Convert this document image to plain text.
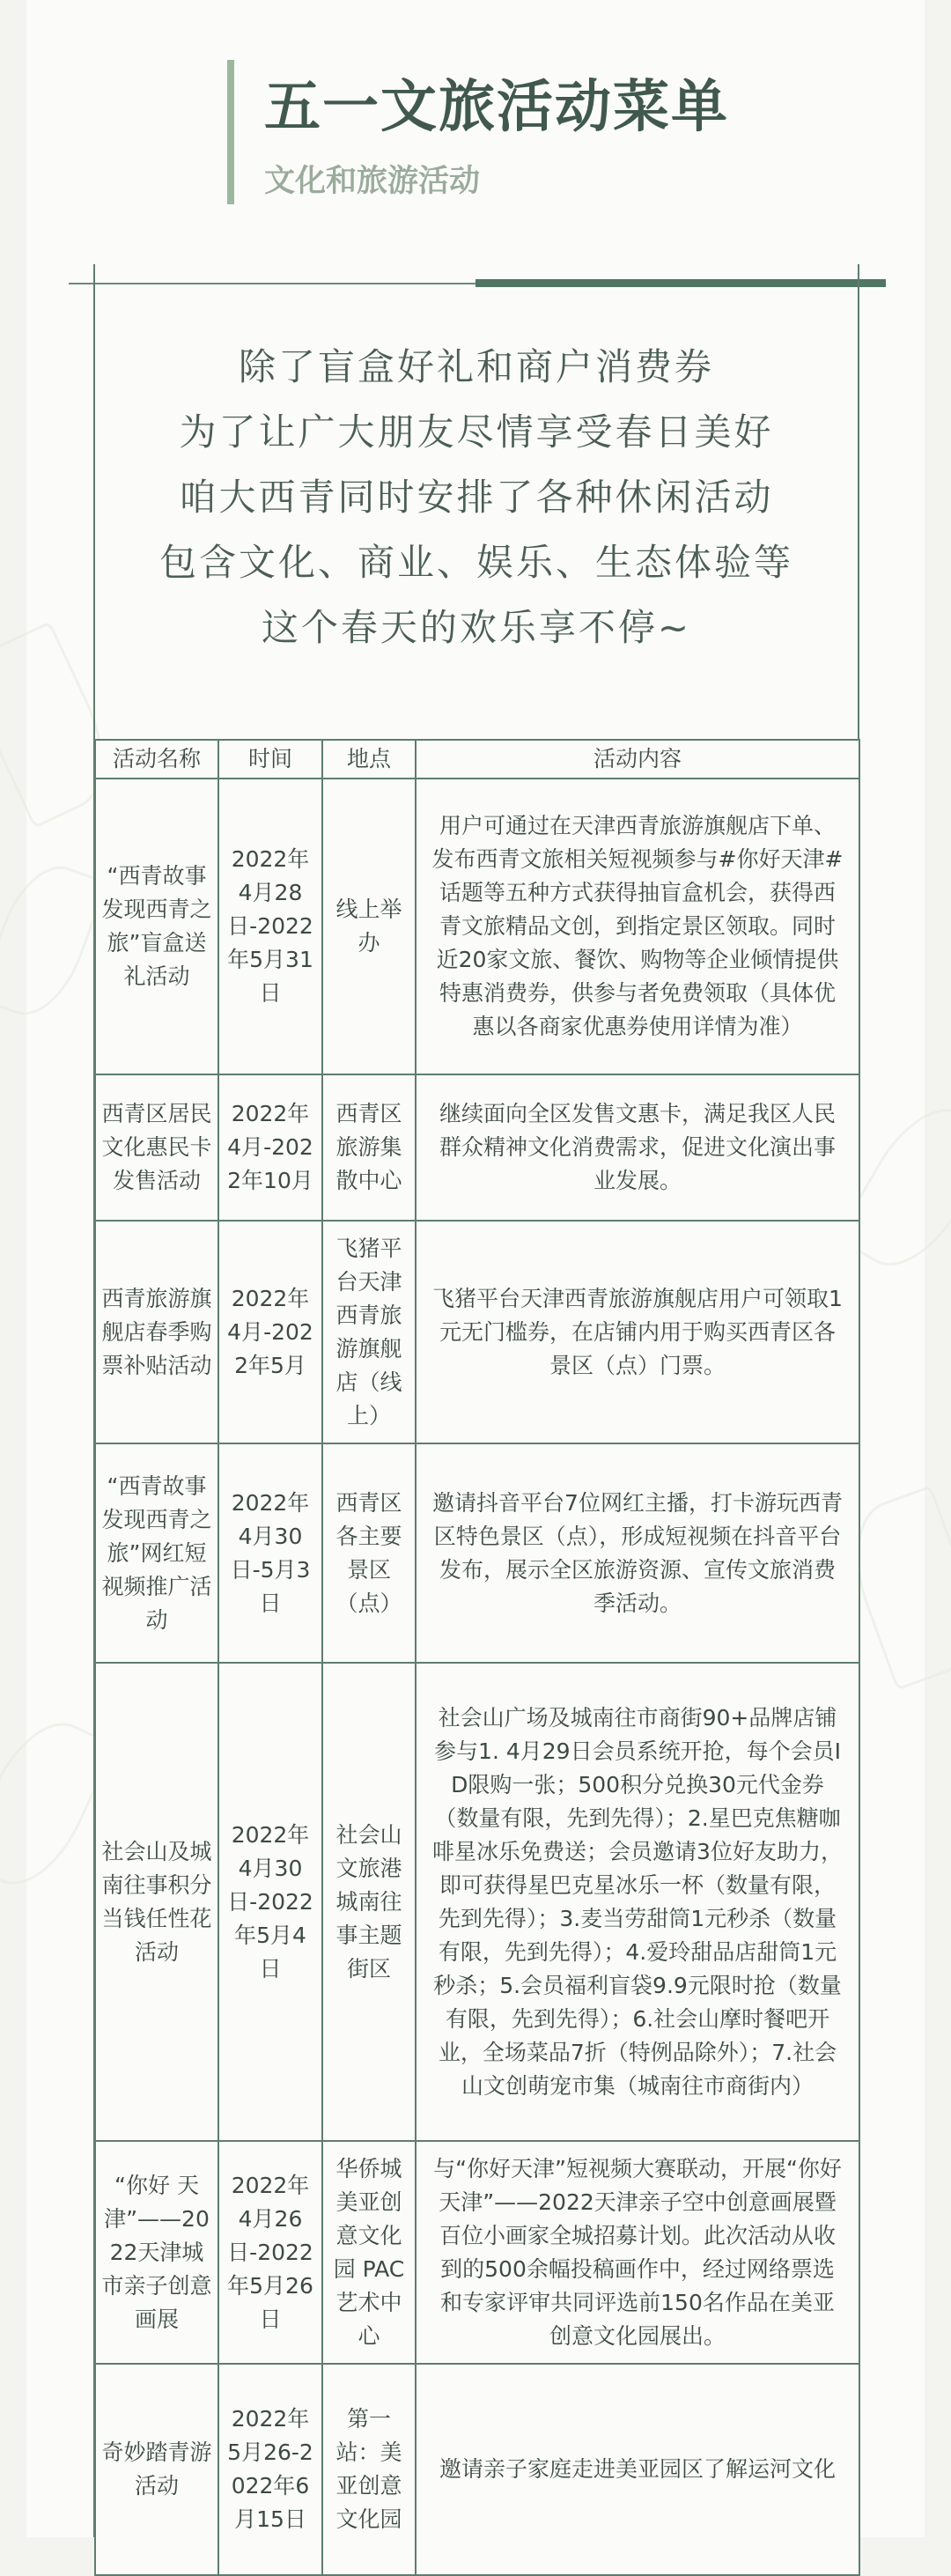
五一文旅活动菜单
文化和旅游活动
除了盲盒好礼和商户消费券
为了让广大朋友尽情享受春日美好
咱大西青同时安排了各种休闲活动
包含文化、商业、娱乐、生态体验等
这个春天的欢乐享不停~
活动名称	时间	地点	活动内容
“西青故事 发现西青之旅”盲盒送礼活动	2022年4月28日-2022年5月31日	线上举办	用户可通过在天津西青旅游旗舰店下单、发布西青文旅相关短视频参与#你好天津#话题等五种方式获得抽盲盒机会，获得西青文旅精品文创，到指定景区领取。同时近20家文旅、餐饮、购物等企业倾情提供特惠消费券，供参与者免费领取（具体优惠以各商家优惠券使用详情为准）
西青区居民文化惠民卡发售活动	2022年4月-2022年10月	西青区旅游集散中心	继续面向全区发售文惠卡，满足我区人民群众精神文化消费需求，促进文化演出事业发展。
西青旅游旗舰店春季购票补贴活动	2022年4月-2022年5月	飞猪平台天津西青旅游旗舰店（线上）	飞猪平台天津西青旅游旗舰店用户可领取1元无门槛券，在店铺内用于购买西青区各景区（点）门票。
“西青故事 发现西青之旅”网红短视频推广活动	2022年4月30日-5月3日	西青区各主要景区（点）	邀请抖音平台7位网红主播，打卡游玩西青区特色景区（点），形成短视频在抖音平台发布，展示全区旅游资源、宣传文旅消费季活动。
社会山及城南往事积分当钱任性花活动	2022年4月30日-2022年5月4日	社会山文旅港城南往事主题街区	社会山广场及城南往市商街90+品牌店铺参与1. 4月29日会员系统开抢，每个会员ID限购一张；500积分兑换30元代金券（数量有限，先到先得）；2.星巴克焦糖咖啡星冰乐免费送；会员邀请3位好友助力，即可获得星巴克星冰乐一杯（数量有限，先到先得）；3.麦当劳甜筒1元秒杀（数量有限，先到先得）；4.爱玲甜品店甜筒1元秒杀；5.会员福利盲袋9.9元限时抢（数量有限，先到先得）；6.社会山摩时餐吧开业，全场菜品7折（特例品除外）；7.社会山文创萌宠市集（城南往市商街内）
“你好 天津”——2022天津城市亲子创意画展	2022年4月26日-2022年5月26日	华侨城美亚创意文化园 PAC艺术中心	与“你好天津”短视频大赛联动，开展“你好天津”——2022天津亲子空中创意画展暨百位小画家全城招募计划。此次活动从收到的500余幅投稿画作中，经过网络票选和专家评审共同评选前150名作品在美亚创意文化园展出。
奇妙踏青游活动	2022年5月26-2022年6月15日	第一站：美亚创意文化园	邀请亲子家庭走进美亚园区了解运河文化
